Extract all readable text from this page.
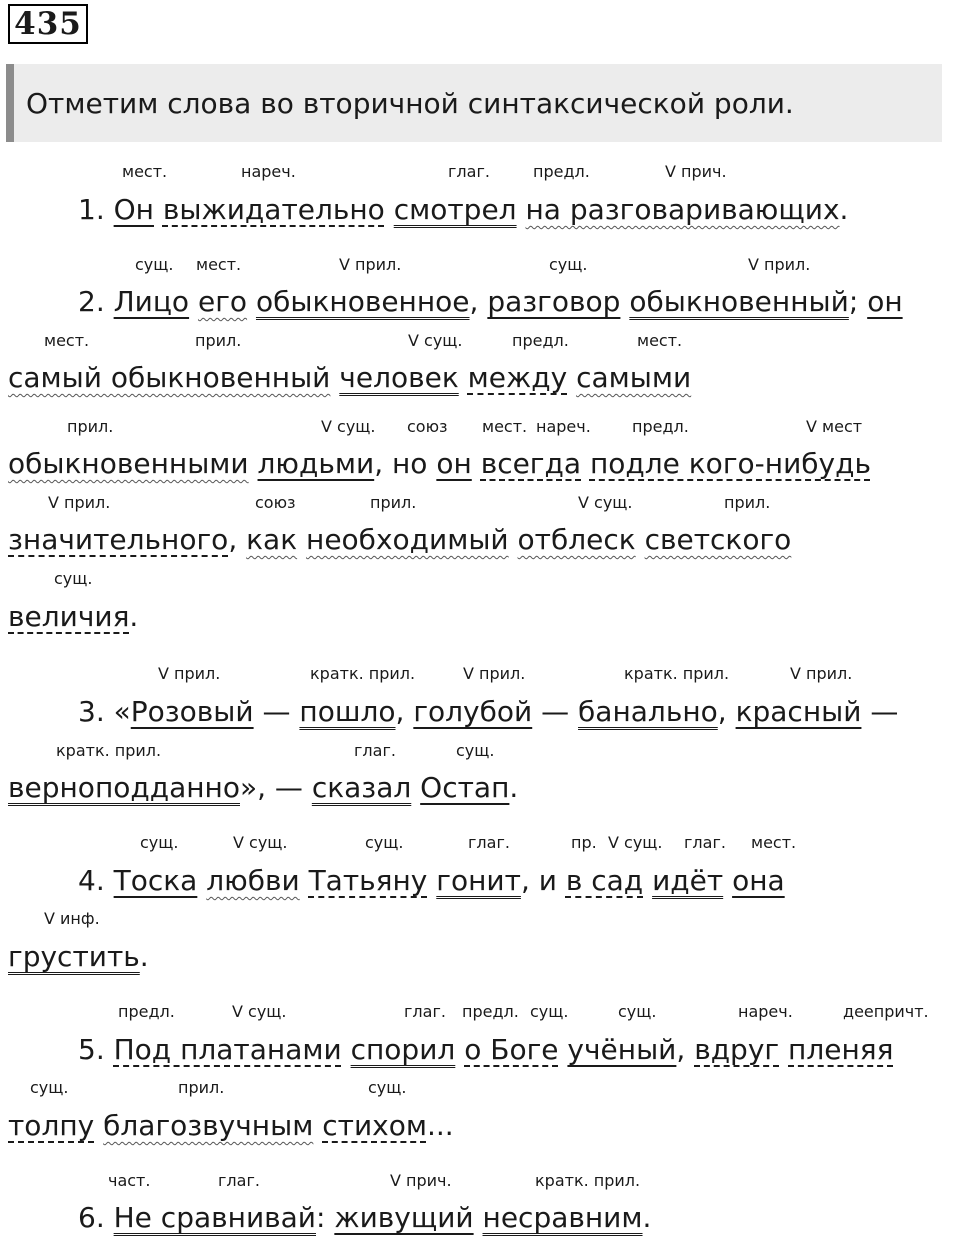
435
Отметим слова во вторичной синтаксической роли.
мест.	нареч.	глаг.	предл.	V прич.
1. Он выжидательно смотрел на разговаривающих.
сущ. мест.	V прил.	сущ.	V прил.
2. Лицо его обыкновенное, разговор обыкновенный; он
мест.	прил.	V сущ.	предл.	мест.
самый обыкновенный человек между самыми
прил.	V сущ. союз мест. нареч.	предл.	V мест
обыкновенными людьми, но он всегда подле кого-нибудь
V прил.	союз	прил.	V сущ.	прил.
значительного, как необходимый отблеск светского
сущ.
величия.
V прил.	кратк. прил.	V прил.	кратк. прил.	V прил.
3. «Розовый — пошло, голубой — банально, красный —
кратк. прил.	глаг.	сущ.
верноподданно», — сказал Остап.
сущ.	V сущ.	сущ.	глаг.	пр. V сущ. глаг. мест.
4. Тоска любви Татьяну гонит, и в сад идёт она
V инф.
грустить.
предл.	V сущ.	глаг. предл. сущ.	сущ.	нареч.	деепричт.
5. Под платанами спорил о Боге учёный, вдруг пленяя
сущ.	прил.	сущ.
толпу благозвучным стихом...
част.	глаг.	V прич.	кратк. прил.
6. Не сравнивай: живущий несравним.
